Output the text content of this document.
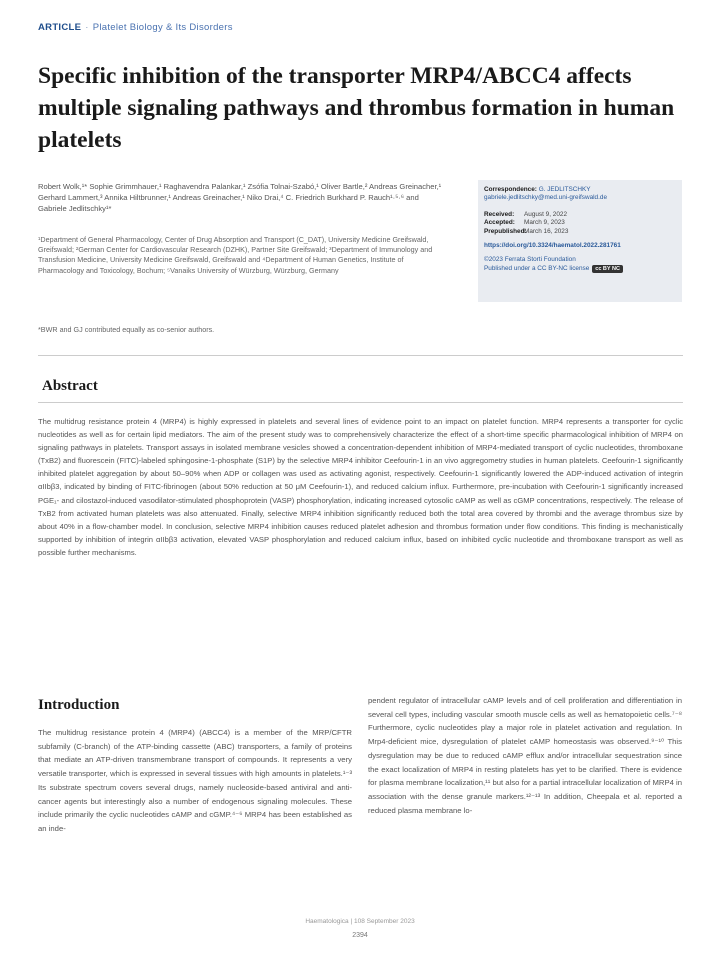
ARTICLE · Platelet Biology & Its Disorders
Specific inhibition of the transporter MRP4/ABCC4 affects multiple signaling pathways and thrombus formation in human platelets
Robert Wolk,¹* Sophie Grimmhauer,¹ Raghavendra Palankar,¹ Zsófia Tolnai-Szabó,¹ Oliver Bartle,² Andreas Greinacher,¹ Gerhard Lammert,³ Annika Hiltbrunner,¹ Andreas Greinacher,¹ Niko Drai,⁴ C. Friedrich Burkhard P. Rauch¹·⁵·⁶ and Gabriele Jedlitschky¹*
¹Department of General Pharmacology, Center of Drug Absorption and Transport (C_DAT), University Medicine Greifswald, Greifswald; ²German Center for Cardiovascular Research (DZHK), Partner Site Greifswald; ³Department of Immunology and Transfusion Medicine, University Medicine Greifswald, Greifswald and ⁴Department of Human Genetics, Institute of Pharmacology and Toxicology, Bochum; ⁵Vanaiks University of Würzburg, Würzburg, Germany
*BWR and GJ contributed equally as co-senior authors.
Correspondence: G. JEDLITSCHKY
gabriele.jedlitschky@med.uni-greifswald.de
Received:	August 9, 2022
Accepted:	March 9, 2023
Prepublished:
March 16, 2023
https://doi.org/10.3324/haematol.2022.281761
©2023 Ferrata Storti Foundation
Published under a CC BY-NC license cc BY NC
Abstract
The multidrug resistance protein 4 (MRP4) is highly expressed in platelets and several lines of evidence point to an impact on platelet function. MRP4 represents a transporter for cyclic nucleotides as well as for certain lipid mediators. The aim of the present study was to comprehensively characterize the effect of a short-time specific pharmacological inhibition of MRP4 on signaling pathways in platelets. Transport assays in isolated membrane vesicles showed a concentration-dependent inhibition of MRP4-mediated transport of cyclic nucleotides, thromboxane (TxB2) and fluorescein (FITC)-labeled sphingosine-1-phosphate (S1P) by the selective MRP4 inhibitor Ceefourin-1 in an vivo aggregometry studies in human platelets. Ceefourin-1 significantly inhibited platelet aggregation by about 50–90% when ADP or collagen was used as activating agonist, respectively. Ceefourin-1 significantly lowered the ADP-induced activation of integrin αIIbβ3, indicated by binding of FITC-fibrinogen (about 50% reduction at 50 μM Ceefourin-1), and reduced calcium influx. Furthermore, pre-incubation with Ceefourin-1 significantly increased PGE₁- and cilostazol-induced vasodilator-stimulated phosphoprotein (VASP) phosphorylation, indicating increased cytosolic cAMP as well as cGMP concentrations, respectively. The release of TxB2 from activated human platelets was also attenuated. Finally, selective MRP4 inhibition significantly reduced both the total area covered by thrombi and the average thrombus size by about 40% in a flow-chamber model. In conclusion, selective MRP4 inhibition causes reduced platelet adhesion and thrombus formation under flow conditions. This finding is mechanistically supported by inhibition of integrin αIIbβ3 activation, elevated VASP phosphorylation and reduced calcium influx, based on inhibited cyclic nucleotide and thromboxane transport as well as possible further mechanisms.
Introduction
The multidrug resistance protein 4 (MRP4) (ABCC4) is a member of the MRP/CFTR subfamily (C-branch) of the ATP-binding cassette (ABC) transporters, a family of proteins that mediate an ATP-driven transmembrane transport of compounds. It represents a very versatile transporter, which is expressed in several tissues with high amounts in platelets.¹⁻³ Its substrate spectrum covers several drugs, namely nucleoside-based antiviral and anti-cancer agents but interestingly also a number of endogenous signaling molecules. These include primarily the cyclic nucleotides cAMP and cGMP.⁴⁻⁶ MRP4 has been established as an inde-
pendent regulator of intracellular cAMP levels and of cell proliferation and differentiation in several cell types, including vascular smooth muscle cells as well as hematopoietic cells.⁷⁻⁸ Furthermore, cyclic nucleotides play a major role in platelet activation and regulation. In Mrp4-deficient mice, dysregulation of platelet cAMP homeostasis was observed.⁹⁻¹⁰ This dysregulation may be due to reduced cAMP efflux and/or intracellular sequestration since the exact localization of MRP4 in resting platelets has yet to be clarified. There is evidence for plasma membrane localization,¹¹ but also for a partial intracellular localization of MRP4 in association with the dense granule markers.¹²⁻¹³ In addition, Cheepala et al. reported a reduced plasma membrane lo-
Haematologica | 108 September 2023
2394
